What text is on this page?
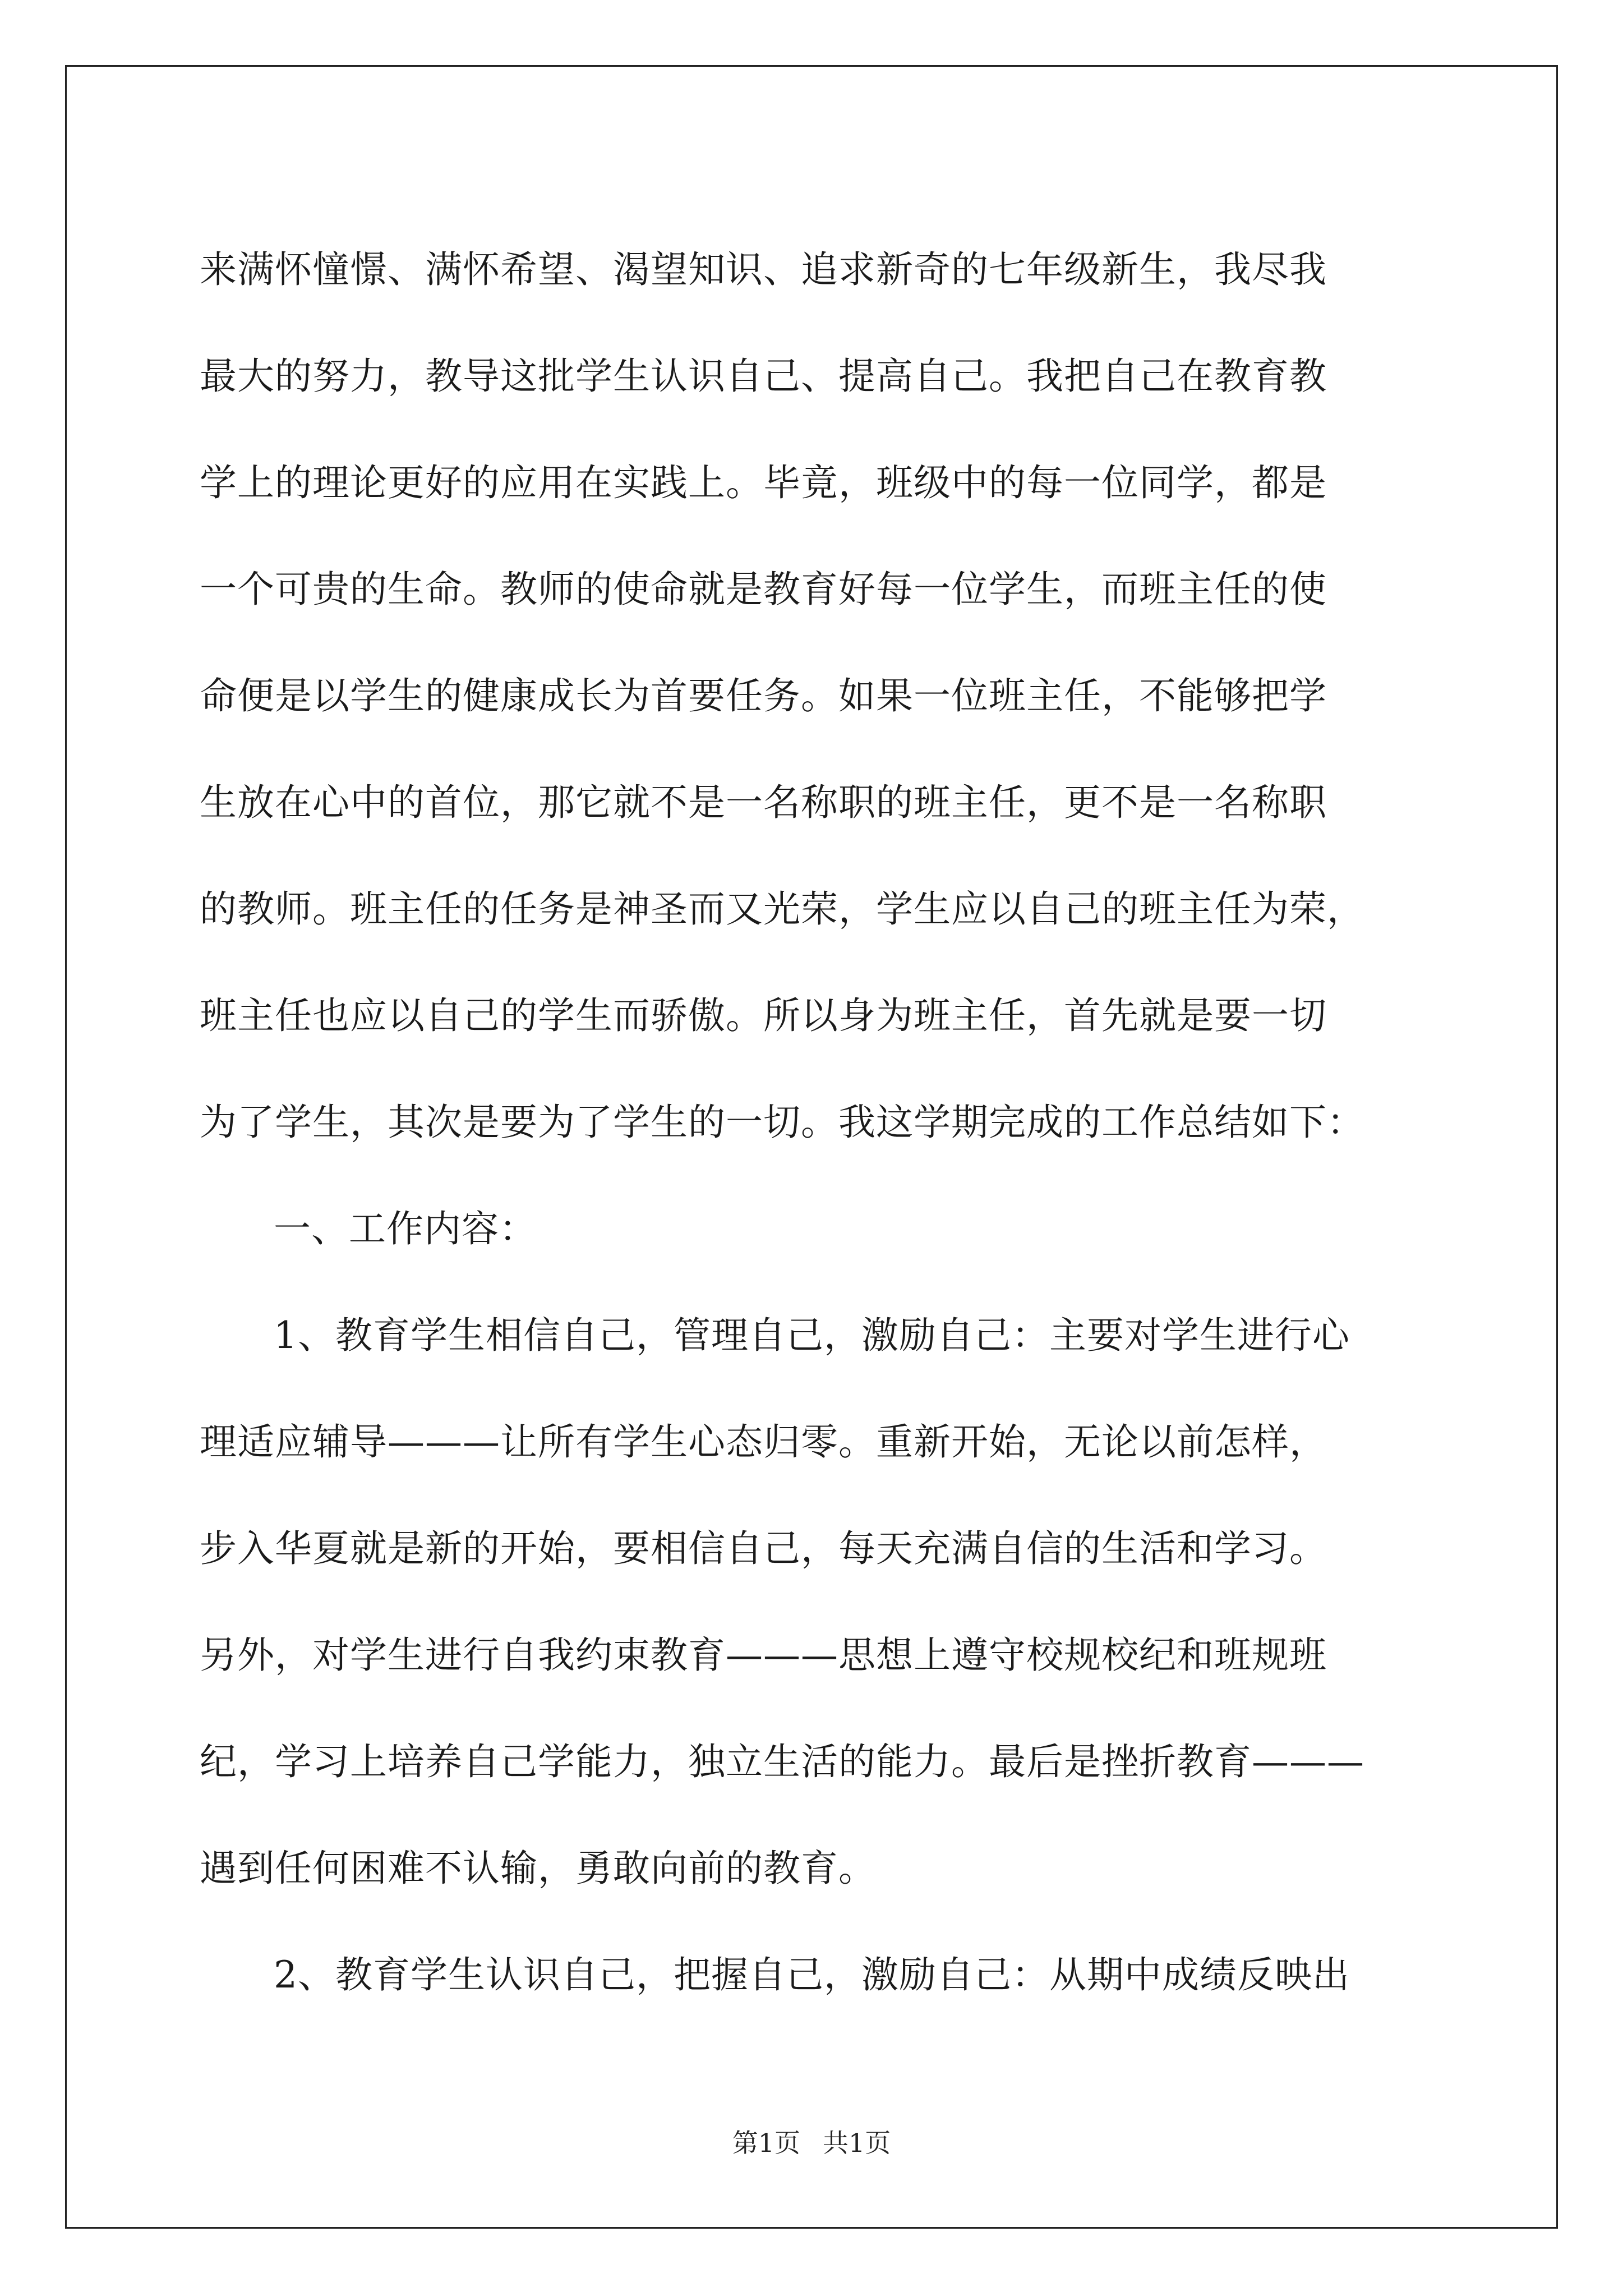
来满怀憧憬、满怀希望、渴望知识、追求新奇的七年级新生，我尽我
最大的努力，教导这批学生认识自己、提高自己。我把自己在教育教
学上的理论更好的应用在实践上。毕竟，班级中的每一位同学，都是
一个可贵的生命。教师的使命就是教育好每一位学生，而班主任的使
命便是以学生的健康成长为首要任务。如果一位班主任，不能够把学
生放在心中的首位，那它就不是一名称职的班主任，更不是一名称职
的教师。班主任的任务是神圣而又光荣，学生应以自己的班主任为荣，
班主任也应以自己的学生而骄傲。所以身为班主任，首先就是要一切
为了学生，其次是要为了学生的一切。我这学期完成的工作总结如下：
一、工作内容：
1、教育学生相信自己，管理自己，激励自己：主要对学生进行心
理适应辅导———让所有学生心态归零。重新开始，无论以前怎样，
步入华夏就是新的开始，要相信自己，每天充满自信的生活和学习。
另外，对学生进行自我约束教育———思想上遵守校规校纪和班规班
纪，学习上培养自己学能力，独立生活的能力。最后是挫折教育———
遇到任何困难不认输，勇敢向前的教育。
2、教育学生认识自己，把握自己，激励自己：从期中成绩反映出
第1页 共1页
